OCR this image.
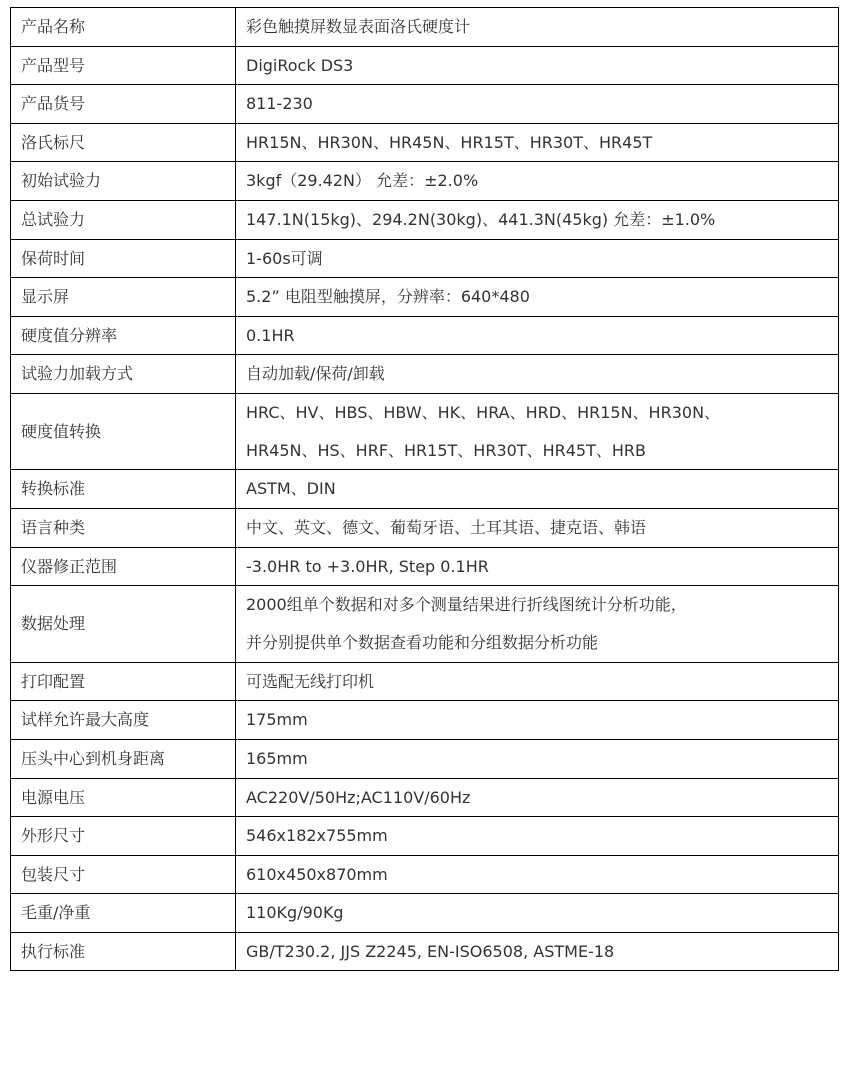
产品名称	彩色触摸屏数显表面洛氏硬度计

产品型号	DigiRock DS3

产品货号	811-230

洛氏标尺	HR15N、HR30N、HR45N、HR15T、HR30T、HR45T

初始试验力	3kgf（29.42N） 允差：±2.0%

总试验力	147.1N(15kg)、294.2N(30kg)、441.3N(45kg) 允差：±1.0%

保荷时间	1-60s可调

显示屏	5.2” 电阻型触摸屏，分辨率：640*480

硬度值分辨率	0.1HR

试验力加载方式	自动加载/保荷/卸载

硬度值转换	HRC、HV、HBS、HBW、HK、HRA、HRD、HR15N、HR30N、
HR45N、HS、HRF、HR15T、HR30T、HR45T、HRB

转换标准	ASTM、DIN

语言种类	中文、英文、德文、葡萄牙语、土耳其语、捷克语、韩语

仪器修正范围	-3.0HR to +3.0HR, Step 0.1HR

数据处理	2000组单个数据和对多个测量结果进行折线图统计分析功能，
并分别提供单个数据查看功能和分组数据分析功能

打印配置	可选配无线打印机

试样允许最大高度	175mm

压头中心到机身距离	165mm

电源电压	AC220V/50Hz;AC110V/60Hz

外形尺寸	546x182x755mm

包装尺寸	610x450x870mm

毛重/净重	110Kg/90Kg

执行标准	GB/T230.2, JJS Z2245, EN-ISO6508, ASTME-18
